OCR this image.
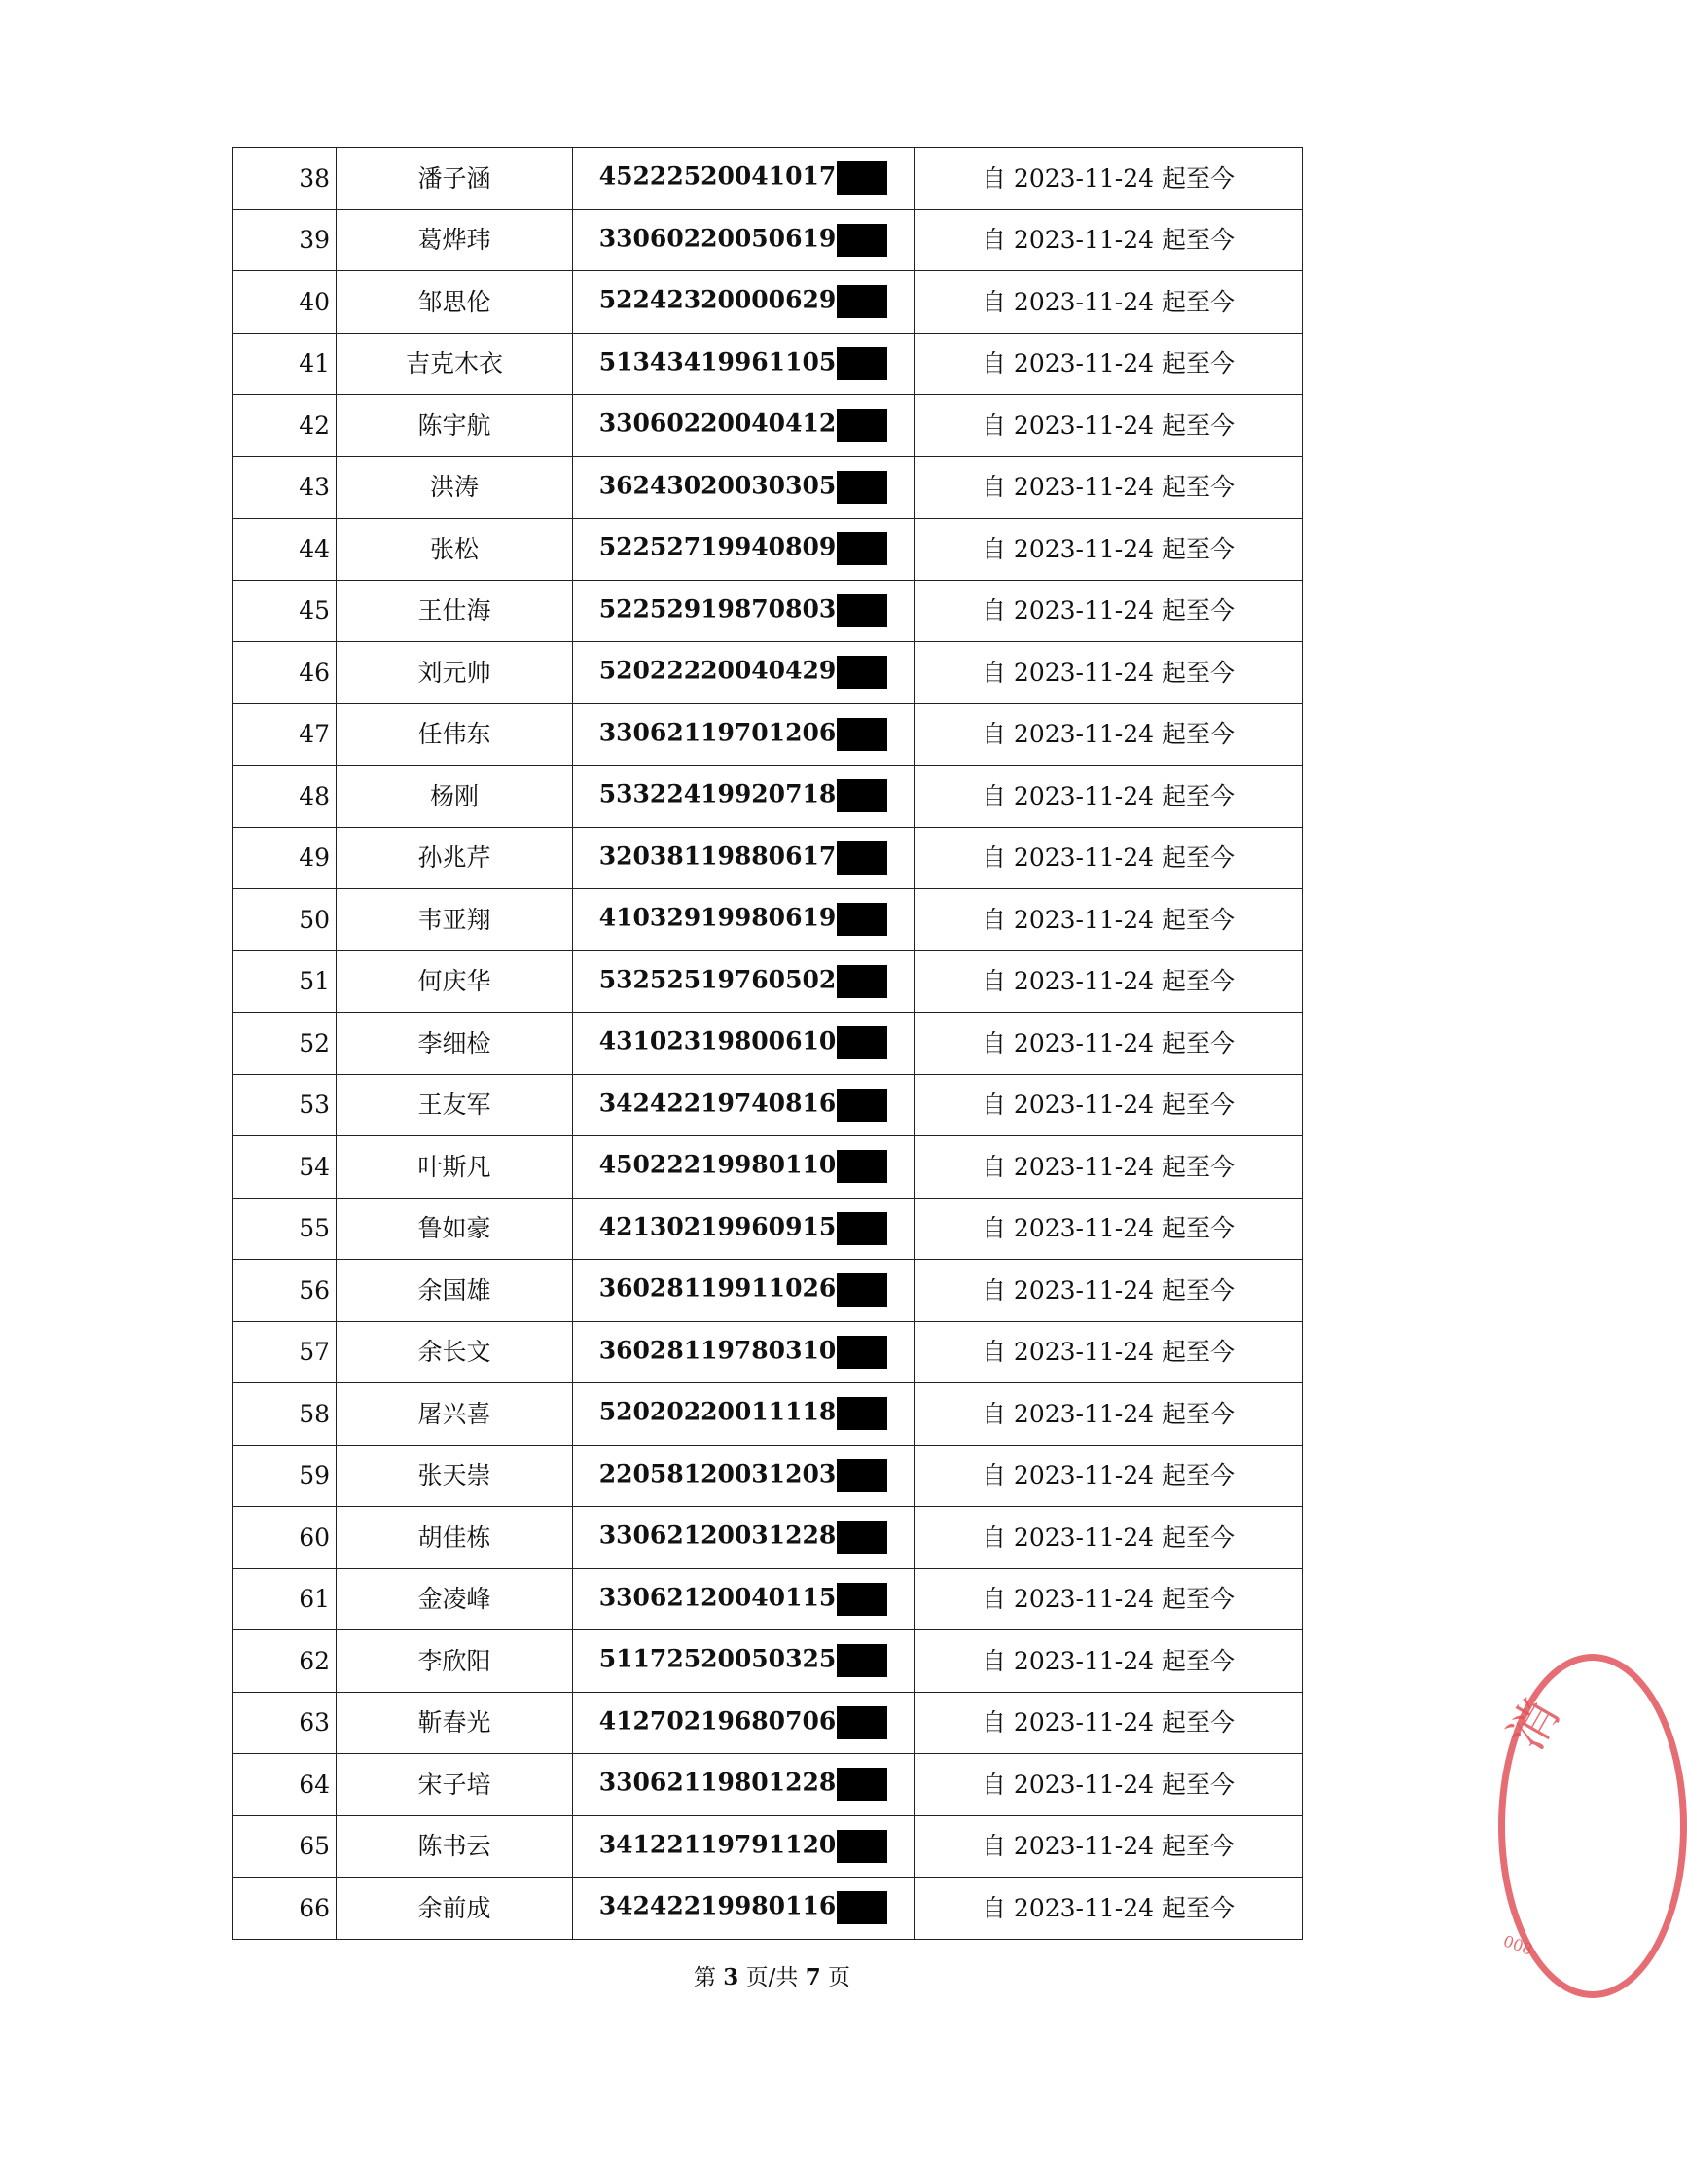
38	潘子涵	45222520041017	自 2023-11-24 起至今
39	葛烨玮	33060220050619	自 2023-11-24 起至今
40	邹思伦	52242320000629	自 2023-11-24 起至今
41	吉克木衣	51343419961105	自 2023-11-24 起至今
42	陈宇航	33060220040412	自 2023-11-24 起至今
43	洪涛	36243020030305	自 2023-11-24 起至今
44	张松	52252719940809	自 2023-11-24 起至今
45	王仕海	52252919870803	自 2023-11-24 起至今
46	刘元帅	52022220040429	自 2023-11-24 起至今
47	任伟东	33062119701206	自 2023-11-24 起至今
48	杨刚	53322419920718	自 2023-11-24 起至今
49	孙兆芹	32038119880617	自 2023-11-24 起至今
50	韦亚翔	41032919980619	自 2023-11-24 起至今
51	何庆华	53252519760502	自 2023-11-24 起至今
52	李细检	43102319800610	自 2023-11-24 起至今
53	王友军	34242219740816	自 2023-11-24 起至今
54	叶斯凡	45022219980110	自 2023-11-24 起至今
55	鲁如豪	42130219960915	自 2023-11-24 起至今
56	余国雄	36028119911026	自 2023-11-24 起至今
57	余长文	36028119780310	自 2023-11-24 起至今
58	屠兴喜	52020220011118	自 2023-11-24 起至今
59	张天崇	22058120031203	自 2023-11-24 起至今
60	胡佳栋	33062120031228	自 2023-11-24 起至今
61	金凌峰	33062120040115	自 2023-11-24 起至今
62	李欣阳	51172520050325	自 2023-11-24 起至今
63	靳春光	41270219680706	自 2023-11-24 起至今
64	宋子培	33062119801228	自 2023-11-24 起至今
65	陈书云	34122119791120	自 2023-11-24 起至今
66	余前成	34242219980116	自 2023-11-24 起至今
第 3 页/共 7 页
消
008
